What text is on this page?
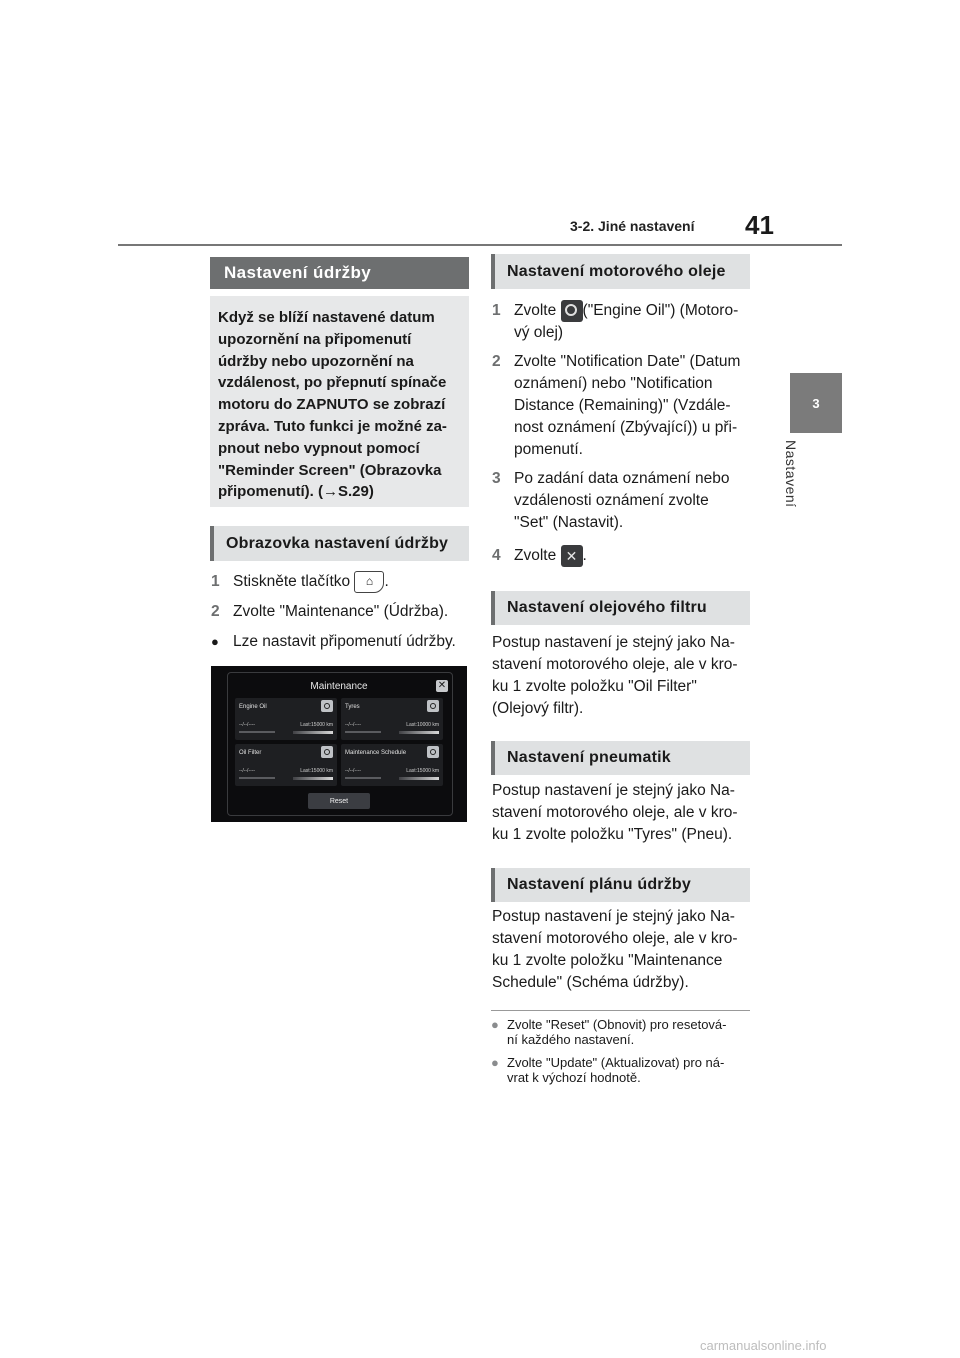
3-2. Jiné nastavení 41
3
Nastavení
Nastavení údržby
Když se blíží nastavené datum
upozornění na připomenutí
údržby nebo upozornění na
vzdálenost, po přepnutí spínače
motoru do ZAPNUTO se zobrazí
zpráva. Tuto funkci je možné za-
pnout nebo vypnout pomocí
"Reminder Screen" (Obrazovka
připomenutí). (→S.29)
Obrazovka nastavení údržby
1 Stiskněte tlačítko ⌂ .
2 Zvolte "Maintenance" (Údržba).
● Lze nastavit připomenutí údržby.
Maintenance	✕
Engine Oil
--/--/----	Last:15000 km
Tyres
--/--/----	Last:10000 km
Oil Filter
--/--/----	Last:15000 km
Maintenance Schedule
--/--/----	Last:15000 km
Reset
Nastavení motorového oleje
1 Zvolte ("Engine Oil") (Motoro-
vý olej)
2 Zvolte "Notification Date" (Datum
oznámení) nebo "Notification
Distance (Remaining)" (Vzdále-
nost oznámení (Zbývající)) u při-
pomenutí.
3 Po zadání data oznámení nebo
vzdálenosti oznámení zvolte
"Set" (Nastavit).
4 Zvolte ✕ .
Nastavení olejového filtru
Postup nastavení je stejný jako Na-
stavení motorového oleje, ale v kro-
ku 1 zvolte položku "Oil Filter"
(Olejový filtr).
Nastavení pneumatik
Postup nastavení je stejný jako Na-
stavení motorového oleje, ale v kro-
ku 1 zvolte položku "Tyres" (Pneu).
Nastavení plánu údržby
Postup nastavení je stejný jako Na-
stavení motorového oleje, ale v kro-
ku 1 zvolte položku "Maintenance
Schedule" (Schéma údržby).
● Zvolte "Reset" (Obnovit) pro resetová-
ní každého nastavení.
● Zvolte "Update" (Aktualizovat) pro ná-
vrat k výchozí hodnotě.
carmanualsonline.info
